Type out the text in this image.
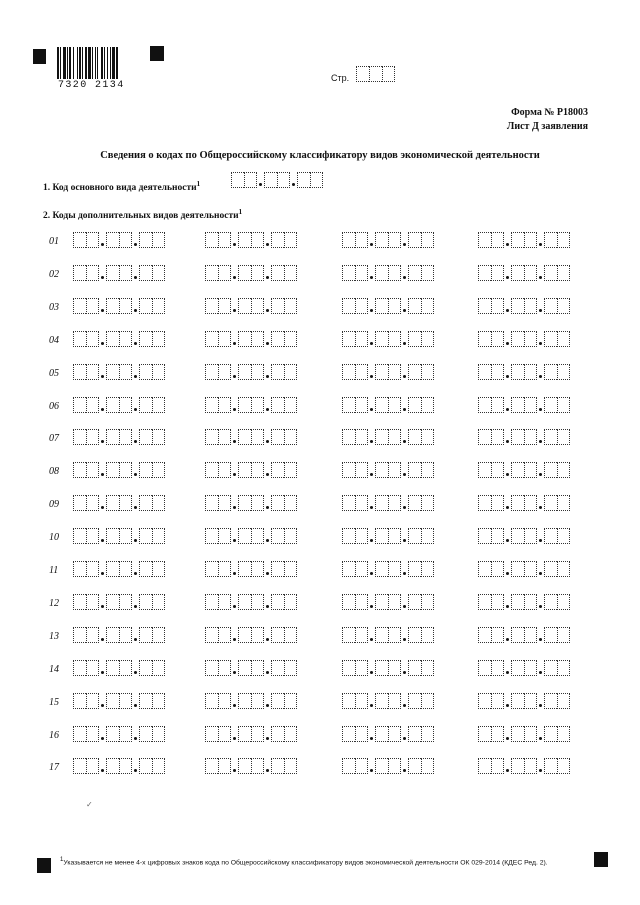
7320 2134
Стр.
Форма № Р18003
Лист Д заявления
Сведения о кодах по Общероссийскому классификатору видов экономической деятельности
1. Код основного вида деятельности$^1$
2. Коды дополнительных видов деятельности$^1$
01
02
03
04
05
06
07
08
09
10
11
12
13
14
15
16
17
✓
$^1$Указывается не менее 4-х цифровых знаков кода по Общероссийскому классификатору видов экономической деятельности ОК 029-2014 (КДЕС Ред. 2).
